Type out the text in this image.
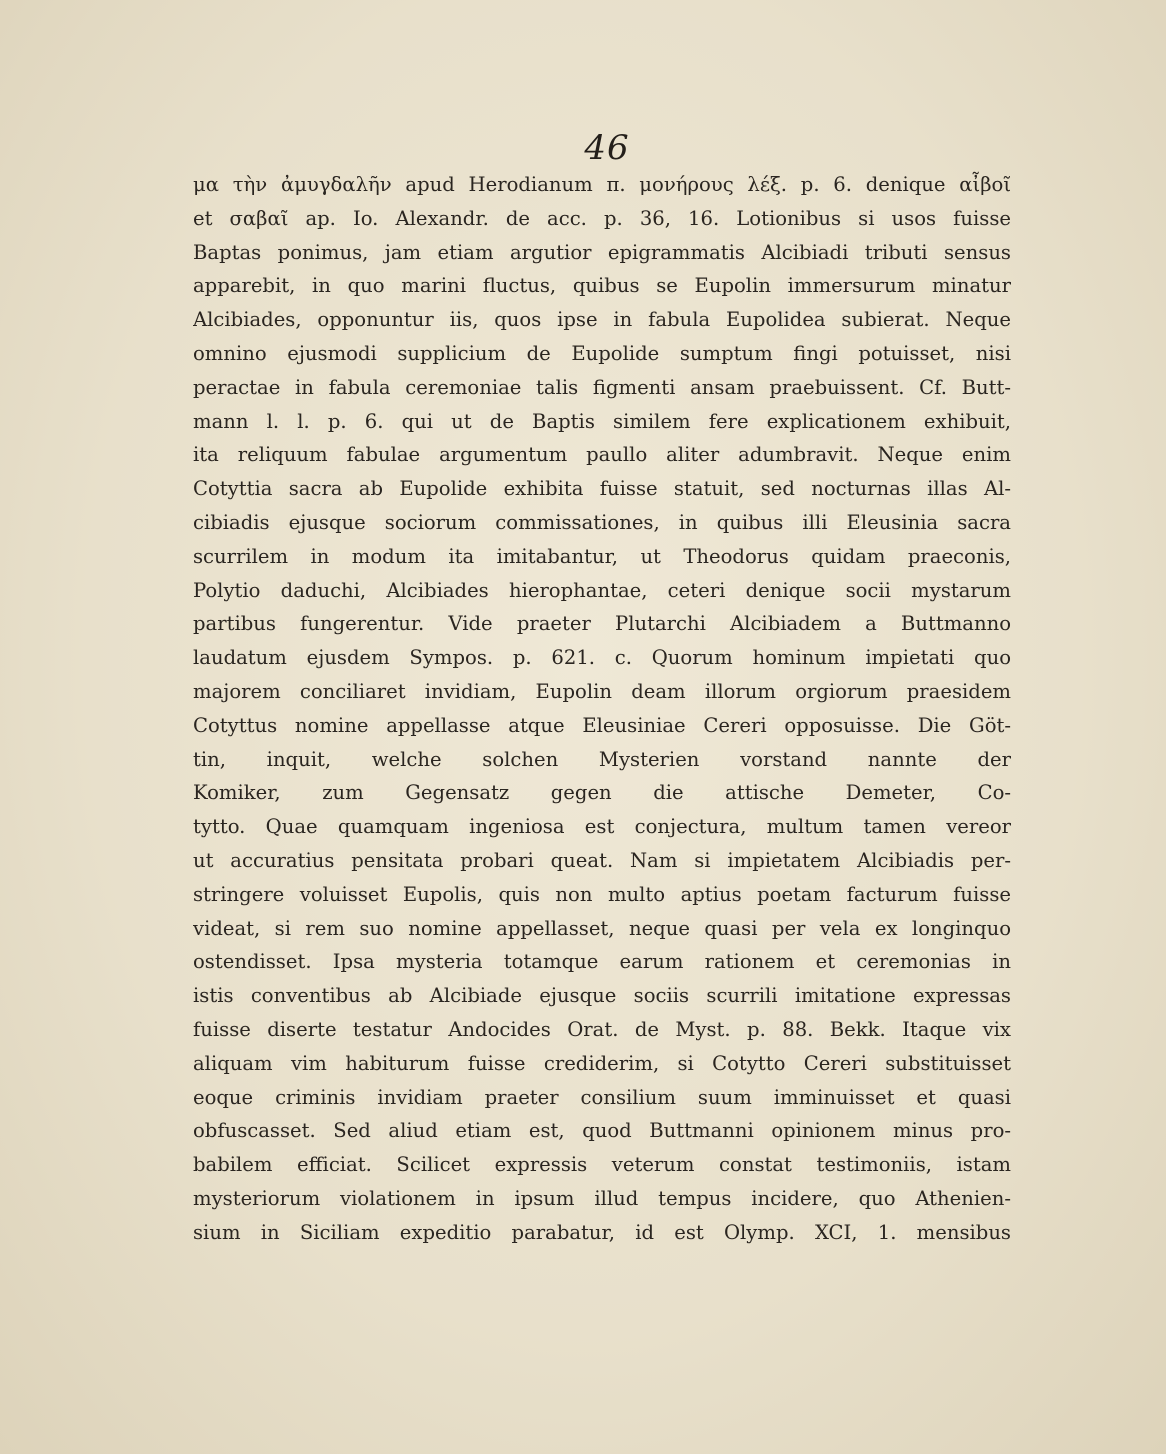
46
μα τὴν ἀμυγδαλῆν apud Herodianum π. μονήρους λέξ. p. 6. denique αἶβοῖ
et σαβαῖ ap. Io. Alexandr. de acc. p. 36, 16. Lotionibus si usos fuisse
Baptas ponimus, jam etiam argutior epigrammatis Alcibiadi tributi sensus
apparebit, in quo marini fluctus, quibus se Eupolin immersurum minatur
Alcibiades, opponuntur iis, quos ipse in fabula Eupolidea subierat. Neque
omnino ejusmodi supplicium de Eupolide sumptum fingi potuisset, nisi
peractae in fabula ceremoniae talis figmenti ansam praebuissent. Cf. Butt-
mann l. l. p. 6. qui ut de Baptis similem fere explicationem exhibuit,
ita reliquum fabulae argumentum paullo aliter adumbravit. Neque enim
Cotyttia sacra ab Eupolide exhibita fuisse statuit, sed nocturnas illas Al-
cibiadis ejusque sociorum commissationes, in quibus illi Eleusinia sacra
scurrilem in modum ita imitabantur, ut Theodorus quidam praeconis,
Polytio daduchi, Alcibiades hierophantae, ceteri denique socii mystarum
partibus fungerentur. Vide praeter Plutarchi Alcibiadem a Buttmanno
laudatum ejusdem Sympos. p. 621. c. Quorum hominum impietati quo
majorem conciliaret invidiam, Eupolin deam illorum orgiorum praesidem
Cotyttus nomine appellasse atque Eleusiniae Cereri opposuisse. Die Göt-
tin, inquit, welche solchen Mysterien vorstand nannte der
Komiker, zum Gegensatz gegen die attische Demeter, Co-
tytto. Quae quamquam ingeniosa est conjectura, multum tamen vereor
ut accuratius pensitata probari queat. Nam si impietatem Alcibiadis per-
stringere voluisset Eupolis, quis non multo aptius poetam facturum fuisse
videat, si rem suo nomine appellasset, neque quasi per vela ex longinquo
ostendisset. Ipsa mysteria totamque earum rationem et ceremonias in
istis conventibus ab Alcibiade ejusque sociis scurrili imitatione expressas
fuisse diserte testatur Andocides Orat. de Myst. p. 88. Bekk. Itaque vix
aliquam vim habiturum fuisse crediderim, si Cotytto Cereri substituisset
eoque criminis invidiam praeter consilium suum imminuisset et quasi
obfuscasset. Sed aliud etiam est, quod Buttmanni opinionem minus pro-
babilem efficiat. Scilicet expressis veterum constat testimoniis, istam
mysteriorum violationem in ipsum illud tempus incidere, quo Athenien-
sium in Siciliam expeditio parabatur, id est Olymp. XCI, 1. mensibus
